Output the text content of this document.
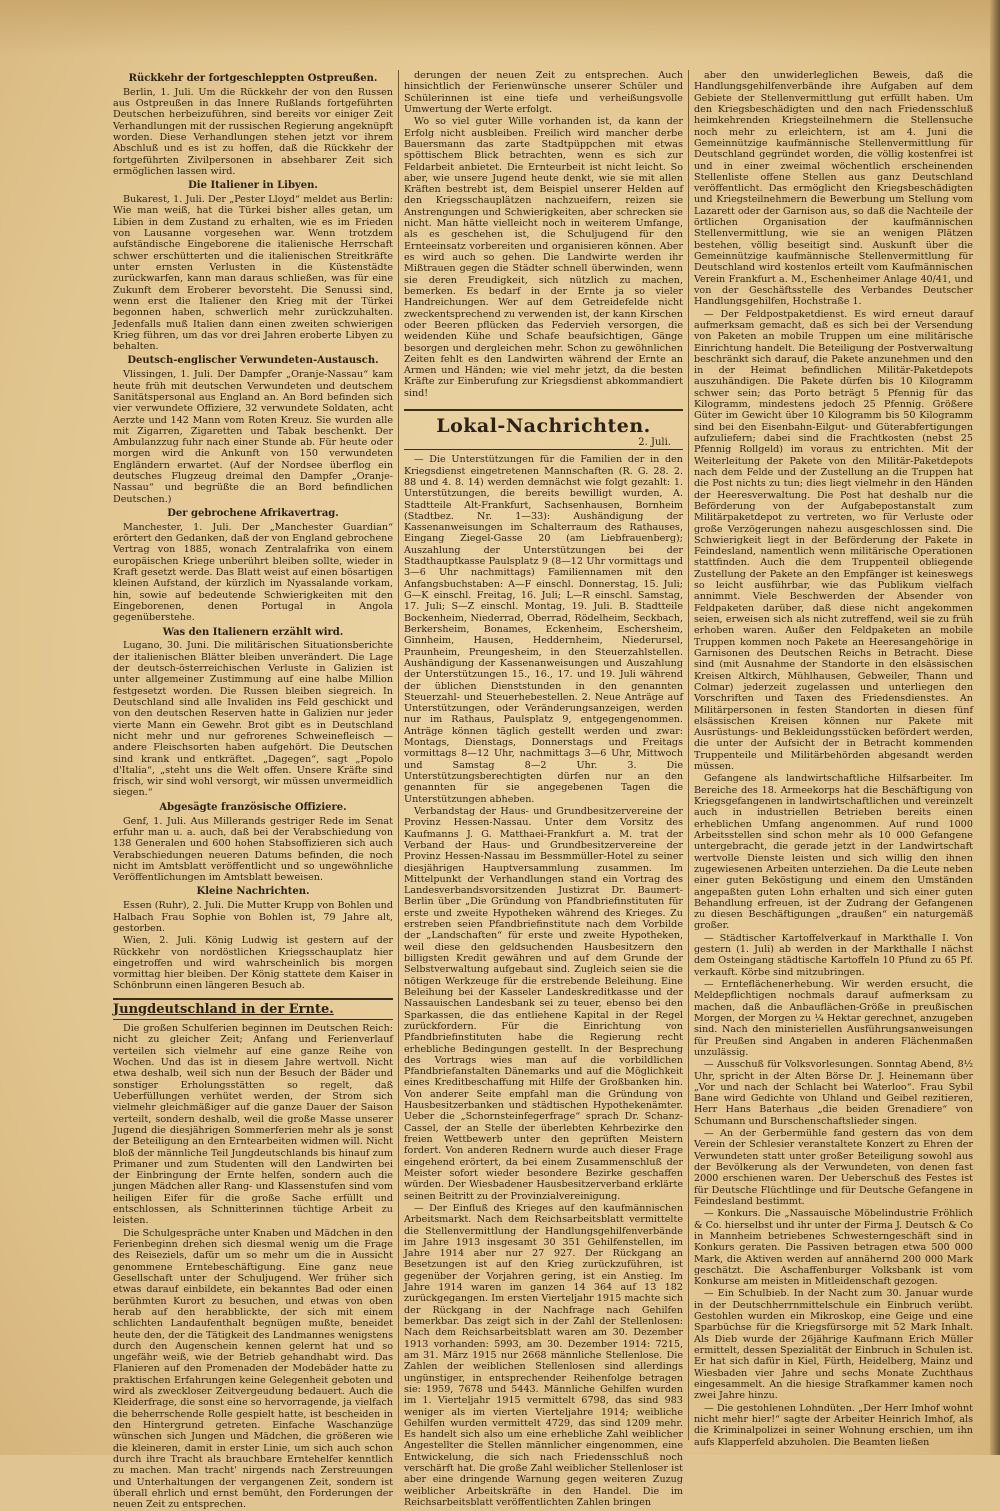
Rückkehr der fortgeschleppten Ostpreußen.

Berlin, 1. Juli. Um die Rückkehr der von den Russen aus Ostpreußen in das Innere Rußlands fortgeführten Deutschen herbeizuführen, sind bereits vor einiger Zeit Verhandlungen mit der russischen Regierung angeknüpft worden. Diese Verhandlungen stehen jetzt vor ihrem Abschluß und es ist zu hoffen, daß die Rückkehr der fortgeführten Zivilpersonen in absehbarer Zeit sich ermöglichen lassen wird.

Die Italiener in Libyen.

Bukarest, 1. Juli. Der „Pester Lloyd“ meldet aus Berlin: Wie man weiß, hat die Türkei bisher alles getan, um Libien in dem Zustand zu erhalten, wie es im Frieden von Lausanne vorgesehen war. Wenn trotzdem aufständische Eingeborene die italienische Herrschaft schwer erschütterten und die italienischen Streitkräfte unter ernsten Verlusten in die Küstenstädte zurückwarfen, kann man daraus schließen, was für eine Zukunft dem Eroberer bevorsteht. Die Senussi sind, wenn erst die Italiener den Krieg mit der Türkei begonnen haben, schwerlich mehr zurückzuhalten. Jedenfalls muß Italien dann einen zweiten schwierigen Krieg führen, um das vor drei Jahren eroberte Libyen zu behalten.

Deutsch-englischer Verwundeten-Austausch.

Vlissingen, 1. Juli. Der Dampfer „Oranje-Nassau“ kam heute früh mit deutschen Verwundeten und deutschem Sanitätspersonal aus England an. An Bord befinden sich vier verwundete Offiziere, 32 verwundete Soldaten, acht Aerzte und 142 Mann vom Roten Kreuz. Sie wurden alle mit Zigarren, Zigaretten und Tabak beschenkt. Der Ambulanzzug fuhr nach einer Stunde ab. Für heute oder morgen wird die Ankunft von 150 verwundeten Engländern erwartet. (Auf der Nordsee überflog ein deutsches Flugzeug dreimal den Dampfer „Oranje-Nassau“ und begrüßte die an Bord befindlichen Deutschen.)

Der gebrochene Afrikavertrag.

Manchester, 1. Juli. Der „Manchester Guardian“ erörtert den Gedanken, daß der von England gebrochene Vertrag von 1885, wonach Zentralafrika von einem europäischen Kriege unberührt bleiben sollte, wieder in Kraft gesetzt werde. Das Blatt weist auf einen bösartigen kleinen Aufstand, der kürzlich im Nyassalande vorkam, hin, sowie auf bedeutende Schwierigkeiten mit den Eingeborenen, denen Portugal in Angola gegenüberstehe.

Was den Italienern erzählt wird.

Lugano, 30. Juni. Die militärischen Situationsberichte der italienischen Blätter bleiben unverändert. Die Lage der deutsch-österreichischen Verluste in Galizien ist unter allgemeiner Zustimmung auf eine halbe Million festgesetzt worden. Die Russen bleiben siegreich. In Deutschland sind alle Invaliden ins Feld geschickt und von den deutschen Reserven hatte in Galizien nur jeder vierte Mann ein Gewehr. Brot gibt es in Deutschland nicht mehr und nur gefrorenes Schweinefleisch — andere Fleischsorten haben aufgehört. Die Deutschen sind krank und entkräftet. „Dagegen“, sagt „Popolo d'Italia“, „steht uns die Welt offen. Unsere Kräfte sind frisch, wir sind wohl versorgt, wir müssen unvermeidlich siegen.“

Abgesägte französische Offiziere.

Genf, 1. Juli. Aus Millerands gestriger Rede im Senat erfuhr man u. a. auch, daß bei der Verabschiedung von 138 Generalen und 600 hohen Stabsoffizieren sich auch Verabschiedungen neueren Datums befinden, die noch nicht im Amtsblatt veröffentlicht und so ungewöhnliche Veröffentlichungen im Amtsblatt beweisen.

Kleine Nachrichten.

Essen (Ruhr), 2. Juli. Die Mutter Krupp von Bohlen und Halbach Frau Sophie von Bohlen ist, 79 Jahre alt, gestorben.

Wien, 2. Juli. König Ludwig ist gestern auf der Rückkehr von nordöstlichen Kriegsschauplatz hier eingetroffen und wird wahrscheinlich bis morgen vormittag hier bleiben. Der König stattete dem Kaiser in Schönbrunn einen längeren Besuch ab.

Jungdeutschland in der Ernte.

Die großen Schulferien beginnen im Deutschen Reich: nicht zu gleicher Zeit; Anfang und Ferienverlauf verteilen sich vielmehr auf eine ganze Reihe von Wochen. Und das ist in diesem Jahre wertvoll. Nicht etwa deshalb, weil sich nun der Besuch der Bäder und sonstiger Erholungsstätten so regelt, daß Ueberfüllungen verhütet werden, der Strom sich vielmehr gleichmäßiger auf die ganze Dauer der Saison verteilt, sondern deshalb, weil die große Masse unserer Jugend die diesjährigen Sommerferien mehr als je sonst der Beteiligung an den Erntearbeiten widmen will. Nicht bloß der männliche Teil Jungdeutschlands bis hinauf zum Primaner und zum Studenten will den Landwirten bei der Einbringung der Ernte helfen, sondern auch die jungen Mädchen aller Rang- und Klassenstufen sind vom heiligen Eifer für die große Sache erfüllt und entschlossen, als Schnitterinnen tüchtige Arbeit zu leisten.

Die Schulgespräche unter Knaben und Mädchen in den Ferienbeginn drehen sich diesmal wenig um die Frage des Reiseziels, dafür um so mehr um die in Aussicht genommene Erntebeschäftigung. Eine ganz neue Gesellschaft unter der Schuljugend. Wer früher sich etwas darauf einbildete, ein bekanntes Bad oder einen berühmten Kurort zu besuchen, und etwas von oben herab auf den herabblickte, der sich mit einem schlichten Landaufenthalt begnügen mußte, beneidet heute den, der die Tätigkeit des Landmannes wenigstens durch den Augenschein kennen gelernt hat und so ungefähr weiß, wie der Betrieb gehandhabt wird. Das Flanieren auf den Promenaden der Modebäder hatte zu praktischen Erfahrungen keine Gelegenheit geboten und wird als zweckloser Zeitvergeudung bedauert. Auch die Kleiderfrage, die sonst eine so hervorragende, ja vielfach die beherrschende Rolle gespielt hatte, ist bescheiden in den Hintergrund getreten. Einfache Waschanzüge wünschen sich Jungen und Mädchen, die größeren wie die kleineren, damit in erster Linie, um sich auch schon durch ihre Tracht als brauchbare Erntehelfer kenntlich zu machen. Man tracht' nirgends nach Zerstreuungen und Unterhaltungen der vergangenen Zeit, sondern ist überall ehrlich und ernst bemüht, den Forderungen der neuen Zeit zu entsprechen.

derungen der neuen Zeit zu entsprechen. Auch hinsichtlich der Ferienwünsche unserer Schüler und Schülerinnen ist eine tiefe und verheißungsvolle Umwertung der Werte erfolgt.

Wo so viel guter Wille vorhanden ist, da kann der Erfolg nicht ausbleiben. Freilich wird mancher derbe Bauersmann das zarte Stadtpüppchen mit etwas spöttischem Blick betrachten, wenn es sich zur Feldarbeit anbietet. Die Ernteurbeit ist nicht leicht. So aber, wie unsere Jugend heute denkt, wie sie mit allen Kräften bestrebt ist, dem Beispiel unserer Helden auf den Kriegsschauplätzen nachzueifern, reizen sie Anstrengungen und Schwierigkeiten, aber schrecken sie nicht. Man hätte vielleicht noch in weiterem Umfange, als es geschehen ist, die Schuljugend für den Ernteeinsatz vorbereiten und organisieren können. Aber es wird auch so gehen. Die Landwirte werden ihr Mißtrauen gegen die Städter schnell überwinden, wenn sie deren Freudigkeit, sich nützlich zu machen, bemerken. Es bedarf in der Ernte ja so vieler Handreichungen. Wer auf dem Getreidefelde nicht zweckentsprechend zu verwenden ist, der kann Kirschen oder Beeren pflücken das Federvieh versorgen, die weidenden Kühe und Schafe beaufsichtigen, Gänge besorgen und dergleichen mehr. Schon zu gewöhnlichen Zeiten fehlt es den Landwirten während der Ernte an Armen und Händen; wie viel mehr jetzt, da die besten Kräfte zur Einberufung zur Kriegsdienst abkommandiert sind!

Lokal-Nachrichten.
2. Juli.

— Die Unterstützungen für die Familien der in den Kriegsdienst eingetretenen Mannschaften (R. G. 28. 2. 88 und 4. 8. 14) werden demnächst wie folgt gezahlt: 1. Unterstützungen, die bereits bewilligt wurden, A. Stadtteile Alt-Frankfurt, Sachsenhausen, Bornheim (Stadtbez. Nr. 1—33): Aushändigung der Kassenanweisungen im Schalterraum des Rathauses, Eingang Ziegel-Gasse 20 (am Liebfrauenberg); Auszahlung der Unterstützungen bei der Stadthauptkasse Paulsplatz 9 (8—12 Uhr vormittags und 3—6 Uhr nachmittags) Familiennamen mit den Anfangsbuchstaben: A—F einschl. Donnerstag, 15. Juli; G—K einschl. Freitag, 16. Juli; L—R einschl. Samstag, 17. Juli; S—Z einschl. Montag, 19. Juli. B. Stadtteile Bockenheim, Niederrad, Oberrad, Rödelheim, Seckbach, Berkersheim, Bonames, Eckenheim, Eschersheim, Ginnheim, Hausen, Heddernheim, Niederursel, Praunheim, Preungesheim, in den Steuerzahlstellen. Aushändigung der Kassenanweisungen und Auszahlung der Unterstützungen 15., 16., 17. und 19. Juli während der üblichen Dienststunden in den genannten Steuerzahl- und Steuerhebestellen. 2. Neue Anträge auf Unterstützungen, oder Veränderungsanzeigen, werden nur im Rathaus, Paulsplatz 9, entgegengenommen. Anträge können täglich gestellt werden und zwar: Montags, Dienstags, Donnerstags und Freitags vormittags 8—12 Uhr, nachmittags 3—6 Uhr, Mittwoch und Samstag 8—2 Uhr. 3. Die Unterstützungsberechtigten dürfen nur an den genannten für sie angegebenen Tagen die Unterstützungen abheben.

Verbandstag der Haus- und Grundbesitzervereine der Provinz Hessen-Nassau. Unter dem Vorsitz des Kaufmanns J. G. Matthaei-Frankfurt a. M. trat der Verband der Haus- und Grundbesitzervereine der Provinz Hessen-Nassau im Bessmmüller-Hotel zu seiner diesjährigen Hauptversammlung zusammen. Im Mittelpunkt der Verhandlungen stand ein Vortrag des Landesverbandsvorsitzenden Justizrat Dr. Baumert-Berlin über „Die Gründung von Pfandbriefinstituten für erste und zweite Hypotheken während des Krieges. Zu erstreben seien Pfandbriefinstitute nach dem Vorbilde der „Landschaften“ für erste und zweite Hypotheken, weil diese den geldsuchenden Hausbesitzern den billigsten Kredit gewähren und auf dem Grunde der Selbstverwaltung aufgebaut sind. Zugleich seien sie die nötigen Werkzeuge für die erstrebende Beleihung. Eine Beleihung bei der Kasseler Landeskreditkasse und der Nassauischen Landesbank sei zu teuer, ebenso bei den Sparkassen, die das entliehene Kapital in der Regel zurückfordern. Für die Einrichtung von Pfandbriefinstituten habe die Regierung recht erhebliche Bedingungen gestellt. In der Besprechung des Vortrags wies man auf die vorbildlichen Pfandbriefanstalten Dänemarks und auf die Möglichkeit eines Kreditbeschaffung mit Hilfe der Großbanken hin. Von anderer Seite empfahl man die Gründung von Hausbesitzerbanken und städtischen Hypothekenämter. Ueber die „Schornsteinfegerfrage“ sprach Dr. Schanz-Cassel, der an Stelle der überlebten Kehrbezirke den freien Wettbewerb unter den geprüften Meistern fordert. Von anderen Rednern wurde auch dieser Frage eingehend erörtert, da bei einem Zusammenschluß der Meister sofort wieder besondere Bezirke geschaffen würden. Der Wiesbadener Hausbesitzerverband erklärte seinen Beitritt zu der Provinzialvereinigung.

— Der Einfluß des Krieges auf den kaufmännischen Arbeitsmarkt. Nach dem Reichsarbeitsblatt vermittelte die Stellenvermittlung der Handlungsgehilfenverbände im Jahre 1913 insgesamt 30 351 Gehilfenstellen, im Jahre 1914 aber nur 27 927. Der Rückgang an Besetzungen ist auf den Krieg zurückzuführen, ist gegenüber der Vorjahren gering, ist ein Anstieg. Im Jahre 1914 waren im ganzen 14 364 auf 13 182 zurückgegangen. Im ersten Vierteljahr 1915 machte sich der Rückgang in der Nachfrage nach Gehilfen bemerkbar. Das zeigt sich in der Zahl der Stellenlosen: Nach dem Reichsarbeitsblatt waren am 30. Dezember 1913 vorhanden: 5993, am 30. Dezember 1914: 7215, am 31. März 1915 nur 2668 männliche Stellenlose. Die Zahlen der weiblichen Stellenlosen sind allerdings ungünstiger, in entsprechender Reihenfolge betragen sie: 1959, 7678 und 5443. Männliche Gehilfen wurden im 1. Vierteljahr 1915 vermittelt 6798, das sind 983 weniger als im vierten Vierteljahre 1914; weibliche Gehilfen wurden vermittelt 4729, das sind 1209 mehr. Es handelt sich also um eine erhebliche Zahl weiblicher Angestellter die Stellen männlicher eingenommen, eine Entwickelung, die sich nach Friedensschluß noch verschärft hat. Die große Zahl weiblicher Stellenloser ist aber eine dringende Warnung gegen weiteren Zuzug weiblicher Arbeitskräfte in den Handel. Die im Reichsarbeitsblatt veröffentlichten Zahlen bringen

aber den unwiderleglichen Beweis, daß die Handlungsgehilfenverbände ihre Aufgaben auf dem Gebiete der Stellenvermittlung gut erfüllt haben. Um den Kriegsbeschädigten und den nach Friedensschluß heimkehrenden Kriegsteilnehmern die Stellensuche noch mehr zu erleichtern, ist am 4. Juni die Gemeinnützige kaufmännische Stellenvermittlung für Deutschland gegründet worden, die völlig kostenfrei ist und in einer zweimal wöchentlich erscheinenden Stellenliste offene Stellen aus ganz Deutschland veröffentlicht. Das ermöglicht den Kriegsbeschädigten und Kriegsteilnehmern die Bewerbung um Stellung vom Lazarett oder der Garnison aus, so daß die Nachteile der örtlichen Organisation der kaufmännischen Stellenvermittlung, wie sie an wenigen Plätzen bestehen, völlig beseitigt sind. Auskunft über die Gemeinnützige kaufmännische Stellenvermittlung für Deutschland wird kostenlos erteilt vom Kaufmännischen Verein Frankfurt a. M., Eschenheimer Anlage 40/41, und von der Geschäftsstelle des Verbandes Deutscher Handlungsgehilfen, Hochstraße 1.

— Der Feldpostpaketdienst. Es wird erneut darauf aufmerksam gemacht, daß es sich bei der Versendung von Paketen an mobile Truppen um eine militärische Einrichtung handelt. Die Beteiligung der Postverwaltung beschränkt sich darauf, die Pakete anzunehmen und den in der Heimat befindlichen Militär-Paketdepots auszuhändigen. Die Pakete dürfen bis 10 Kilogramm schwer sein; das Porto beträgt 5 Pfennig für das Kilogramm, mindestens jedoch 25 Pfennig. Größere Güter im Gewicht über 10 Kilogramm bis 50 Kilogramm sind bei den Eisenbahn-Eilgut- und Güterabfertigungen aufzuliefern; dabei sind die Frachtkosten (nebst 25 Pfennig Rollgeld) im voraus zu entrichten. Mit der Weiterleitung der Pakete von den Militär-Paketdepots nach dem Felde und der Zustellung an die Truppen hat die Post nichts zu tun; dies liegt vielmehr in den Händen der Heeresverwaltung. Die Post hat deshalb nur die Beförderung von der Aufgabepostanstalt zum Militärpaketdepot zu vertreten, wo für Verluste oder große Verzögerungen nahezu ausgeschlossen sind. Die Schwierigkeit liegt in der Beförderung der Pakete in Feindesland, namentlich wenn militärische Operationen stattfinden. Auch die dem Truppenteil obliegende Zustellung der Pakete an den Empfänger ist keineswegs so leicht ausführbar, wie das Publikum vielfach annimmt. Viele Beschwerden der Absender von Feldpaketen darüber, daß diese nicht angekommen seien, erweisen sich als nicht zutreffend, weil sie zu früh erhoben waren. Außer den Feldpaketen an mobile Truppen kommen noch Pakete an Heeresangehörige in Garnisonen des Deutschen Reichs in Betracht. Diese sind (mit Ausnahme der Standorte in den elsässischen Kreisen Altkirch, Mühlhausen, Gebweiler, Thann und Colmar) jederzeit zugelassen und unterliegen den Vorschriften und Taxen des Friedensdienstes. An Militärpersonen in festen Standorten in diesen fünf elsässischen Kreisen können nur Pakete mit Ausrüstungs- und Bekleidungsstücken befördert werden, die unter der Aufsicht der in Betracht kommenden Truppenteile und Militärbehörden abgesandt werden müssen.

Gefangene als landwirtschaftliche Hilfsarbeiter. Im Bereiche des 18. Armeekorps hat die Beschäftigung von Kriegsgefangenen in landwirtschaftlichen und vereinzelt auch in industriellen Betrieben bereits einen erheblichen Umfang angenommen. Auf rund 1000 Arbeitsstellen sind schon mehr als 10 000 Gefangene untergebracht, die gerade jetzt in der Landwirtschaft wertvolle Dienste leisten und sich willig den ihnen zugewiesenen Arbeiten unterziehen. Da die Leute neben einer guten Beköstigung und einem den Umständen angepaßten guten Lohn erhalten und sich einer guten Behandlung erfreuen, ist der Zudrang der Gefangenen zu diesen Beschäftigungen „draußen“ ein naturgemäß großer.

— Städtischer Kartoffelverkauf in Markthalle I. Von gestern (1. Juli) ab werden in der Markthalle I nächst dem Osteingang städtische Kartoffeln 10 Pfund zu 65 Pf. verkauft. Körbe sind mitzubringen.

— Ernteflächenerhebung. Wir werden ersucht, die Meldepflichtigen nochmals darauf aufmerksam zu machen, daß die Anbauflächen-Größe in preußischen Morgen, der Morgen zu ¼ Hektar gerechnet, anzugeben sind. Nach den ministeriellen Ausführungsanweisungen für Preußen sind Angaben in anderen Flächenmaßen unzulässig.

— Ausschuß für Volksvorlesungen. Sonntag Abend, 8½ Uhr, spricht in der Alten Börse Dr. J. Heinemann über „Vor und nach der Schlacht bei Waterloo“. Frau Sybil Bane wird Gedichte von Uhland und Geibel rezitieren, Herr Hans Baterhaus „die beiden Grenadiere“ von Schumann und Burschenschaftslieder singen.

— An der Gerbermühle fand gestern das von dem Verein der Schlesier veranstaltete Konzert zu Ehren der Verwundeten statt unter großer Beteiligung sowohl aus der Bevölkerung als der Verwundeten, von denen fast 2000 erschienen waren. Der Ueberschuß des Festes ist für Deutsche Flüchtlinge und für Deutsche Gefangene in Feindesland bestimmt.

— Konkurs. Die „Nassauische Möbelindustrie Fröhlich & Co. hierselbst und ihr unter der Firma J. Deutsch & Co in Mannheim betriebenes Schwesterngeschäft sind in Konkurs geraten. Die Passiven betragen etwa 500 000 Mark, die Aktiven werden auf annähernd 200 000 Mark geschätzt. Die Aschaffenburger Volksbank ist vom Konkurse am meisten in Mitleidenschaft gezogen.

— Ein Schulbieb. In der Nacht zum 30. Januar wurde in der Deutschherrnmittelschule ein Einbruch verübt. Gestohlen wurden ein Mikroskop, eine Geige und eine Sparbüchse für die Kriegsfürsorge mit 52 Mark Inhalt. Als Dieb wurde der 26jährige Kaufmann Erich Müller ermittelt, dessen Spezialität der Einbruch in Schulen ist. Er hat sich dafür in Kiel, Fürth, Heidelberg, Mainz und Wiesbaden vier Jahre und sechs Monate Zuchthaus eingesammelt. An die hiesige Strafkammer kamen noch zwei Jahre hinzu.

— Die gestohlenen Lohndüten. „Der Herr Imhof wohnt nicht mehr hier!“ sagte der Arbeiter Heinrich Imhof, als die Kriminalpolizei in seiner Wohnung erschien, um ihn aufs Klapperfeld abzuholen. Die Beamten ließen
